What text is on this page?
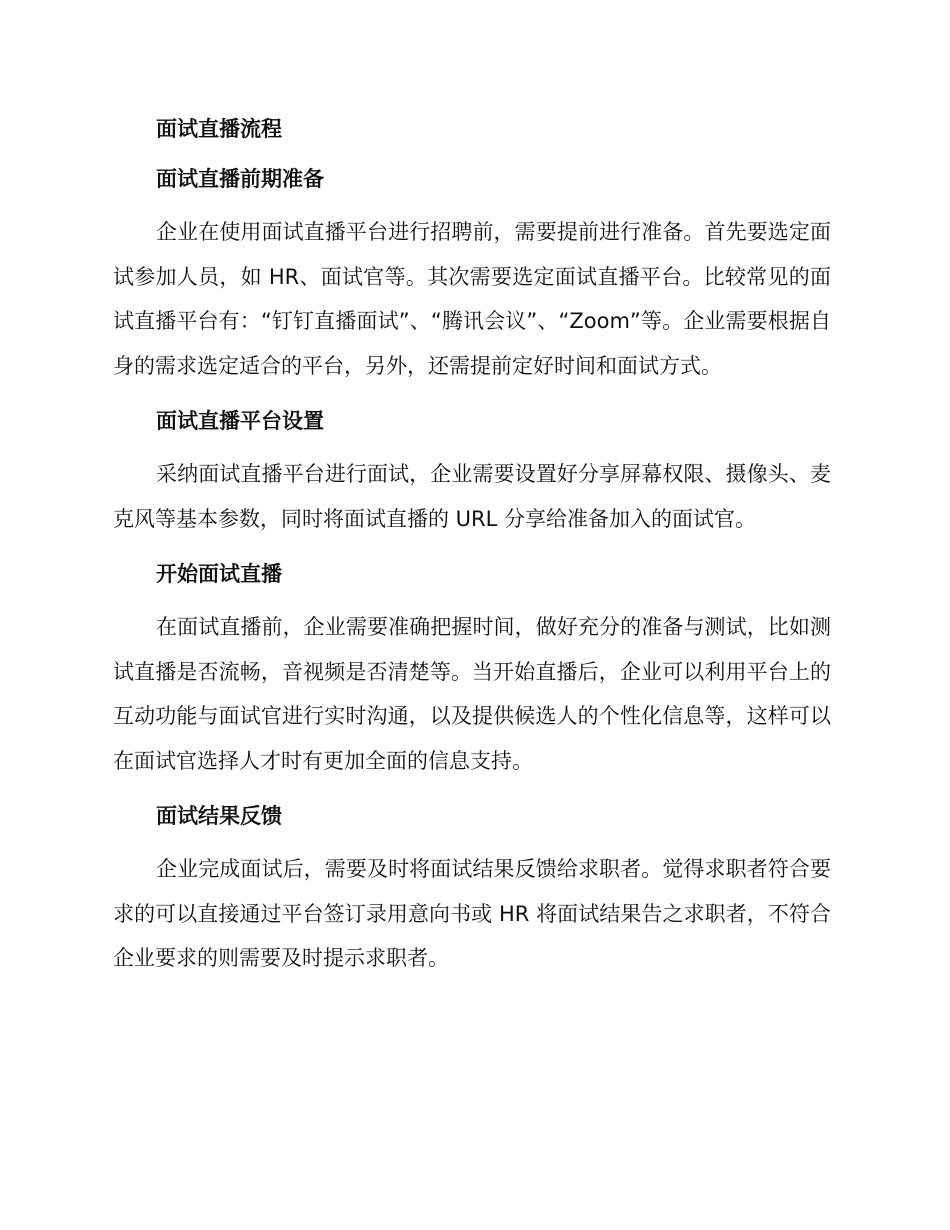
面试直播流程
面试直播前期准备

企业在使用面试直播平台进行招聘前，需要提前进行准备。首先要选定面试参加人员，如 HR、面试官等。其次需要选定面试直播平台。比较常见的面试直播平台有：“钉钉直播面试”、“腾讯会议”、“Zoom”等。企业需要根据自身的需求选定适合的平台，另外，还需提前定好时间和面试方式。

面试直播平台设置

采纳面试直播平台进行面试，企业需要设置好分享屏幕权限、摄像头、麦克风等基本参数，同时将面试直播的 URL 分享给准备加入的面试官。

开始面试直播

在面试直播前，企业需要准确把握时间，做好充分的准备与测试，比如测试直播是否流畅，音视频是否清楚等。当开始直播后，企业可以利用平台上的互动功能与面试官进行实时沟通，以及提供候选人的个性化信息等，这样可以在面试官选择人才时有更加全面的信息支持。

面试结果反馈

企业完成面试后，需要及时将面试结果反馈给求职者。觉得求职者符合要求的可以直接通过平台签订录用意向书或 HR 将面试结果告之求职者，不符合企业要求的则需要及时提示求职者。
